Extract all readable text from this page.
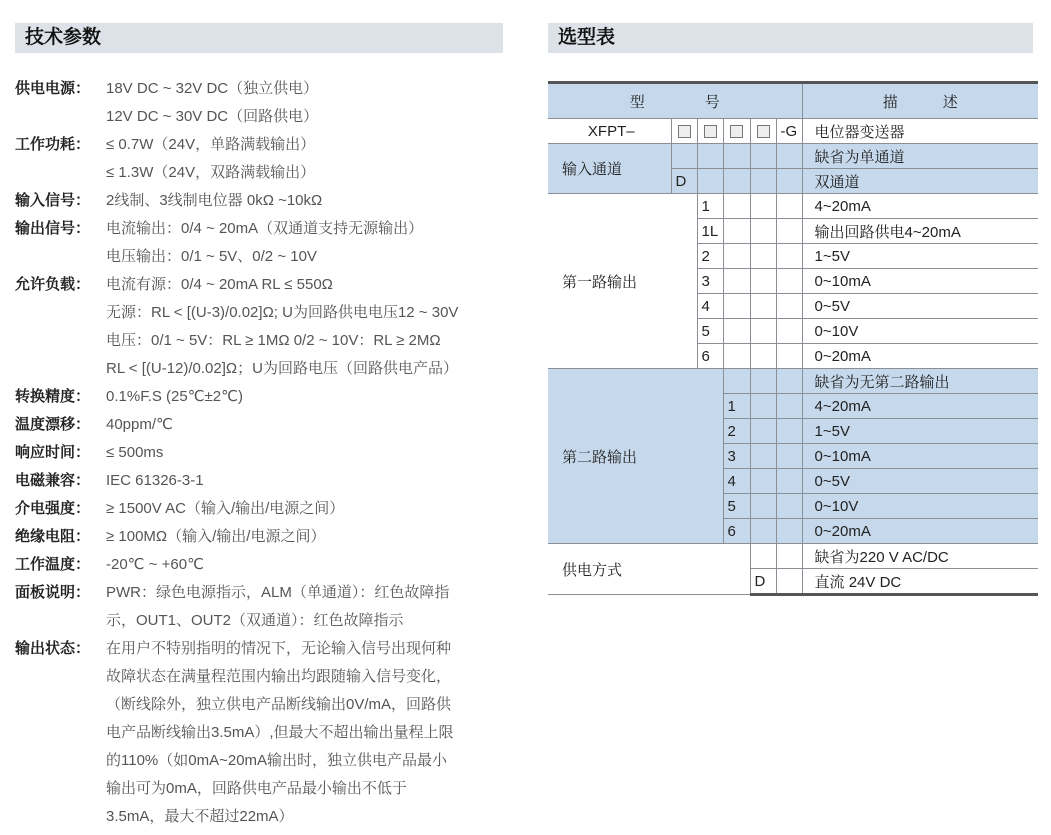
技术参数	选型表
供电电源：	18V DC ~ 32V DC（独立供电）
12V DC ~ 30V DC（回路供电）
工作功耗：	≤ 0.7W（24V，单路满载输出）
≤ 1.3W（24V，双路满载输出）
输入信号：	2线制、3线制电位器 0kΩ ~10kΩ
输出信号：	电流输出：0/4 ~ 20mA（双通道支持无源输出）
电压输出：0/1 ~ 5V、0/2 ~ 10V
允许负载：	电流有源：0/4 ~ 20mA RL ≤ 550Ω
无源：RL < [(U-3)/0.02]Ω; U为回路供电电压12 ~ 30V
电压：0/1 ~ 5V：RL ≥ 1MΩ 0/2 ~ 10V：RL ≥ 2MΩ
RL < [(U-12)/0.02]Ω；U为回路电压（回路供电产品）
转换精度：	0.1%F.S (25℃±2℃)
温度漂移：	40ppm/℃
响应时间：	≤ 500ms
电磁兼容：	IEC 61326-3-1
介电强度：	≥ 1500V AC（输入/输出/电源之间）
绝缘电阻：	≥ 100MΩ（输入/输出/电源之间）
工作温度：	-20℃ ~ +60℃
面板说明：	PWR：绿色电源指示，ALM（单通道）：红色故障指
示，OUT1、OUT2（双通道）：红色故障指示
输出状态：	在用户不特别指明的情况下，无论输入信号出现何种
故障状态在满量程范围内输出均跟随输入信号变化，
（断线除外，独立供电产品断线输出0V/mA，回路供
电产品断线输出3.5mA）,但最大不超出输出量程上限
的110%（如0mA~20mA输出时，独立供电产品最小
输出可为0mA，回路供电产品最小输出不低于
3.5mA，最大不超过22mA）
型　　　　号						描　　　述
XFPT–					-G	电位器变送器
输入通道						缺省为单通道
	D					双通道
第一路输出		1				4~20mA
		1L				输出回路供电4~20mA
		2				1~5V
		3				0~10mA
		4				0~5V
		5				0~10V
		6				0~20mA
第二路输出						缺省为无第二路输出
			1			4~20mA
			2			1~5V
			3			0~10mA
			4			0~5V
			5			0~10V
			6			0~20mA
供电方式						缺省为220 V AC/DC
				D		直流 24V DC
